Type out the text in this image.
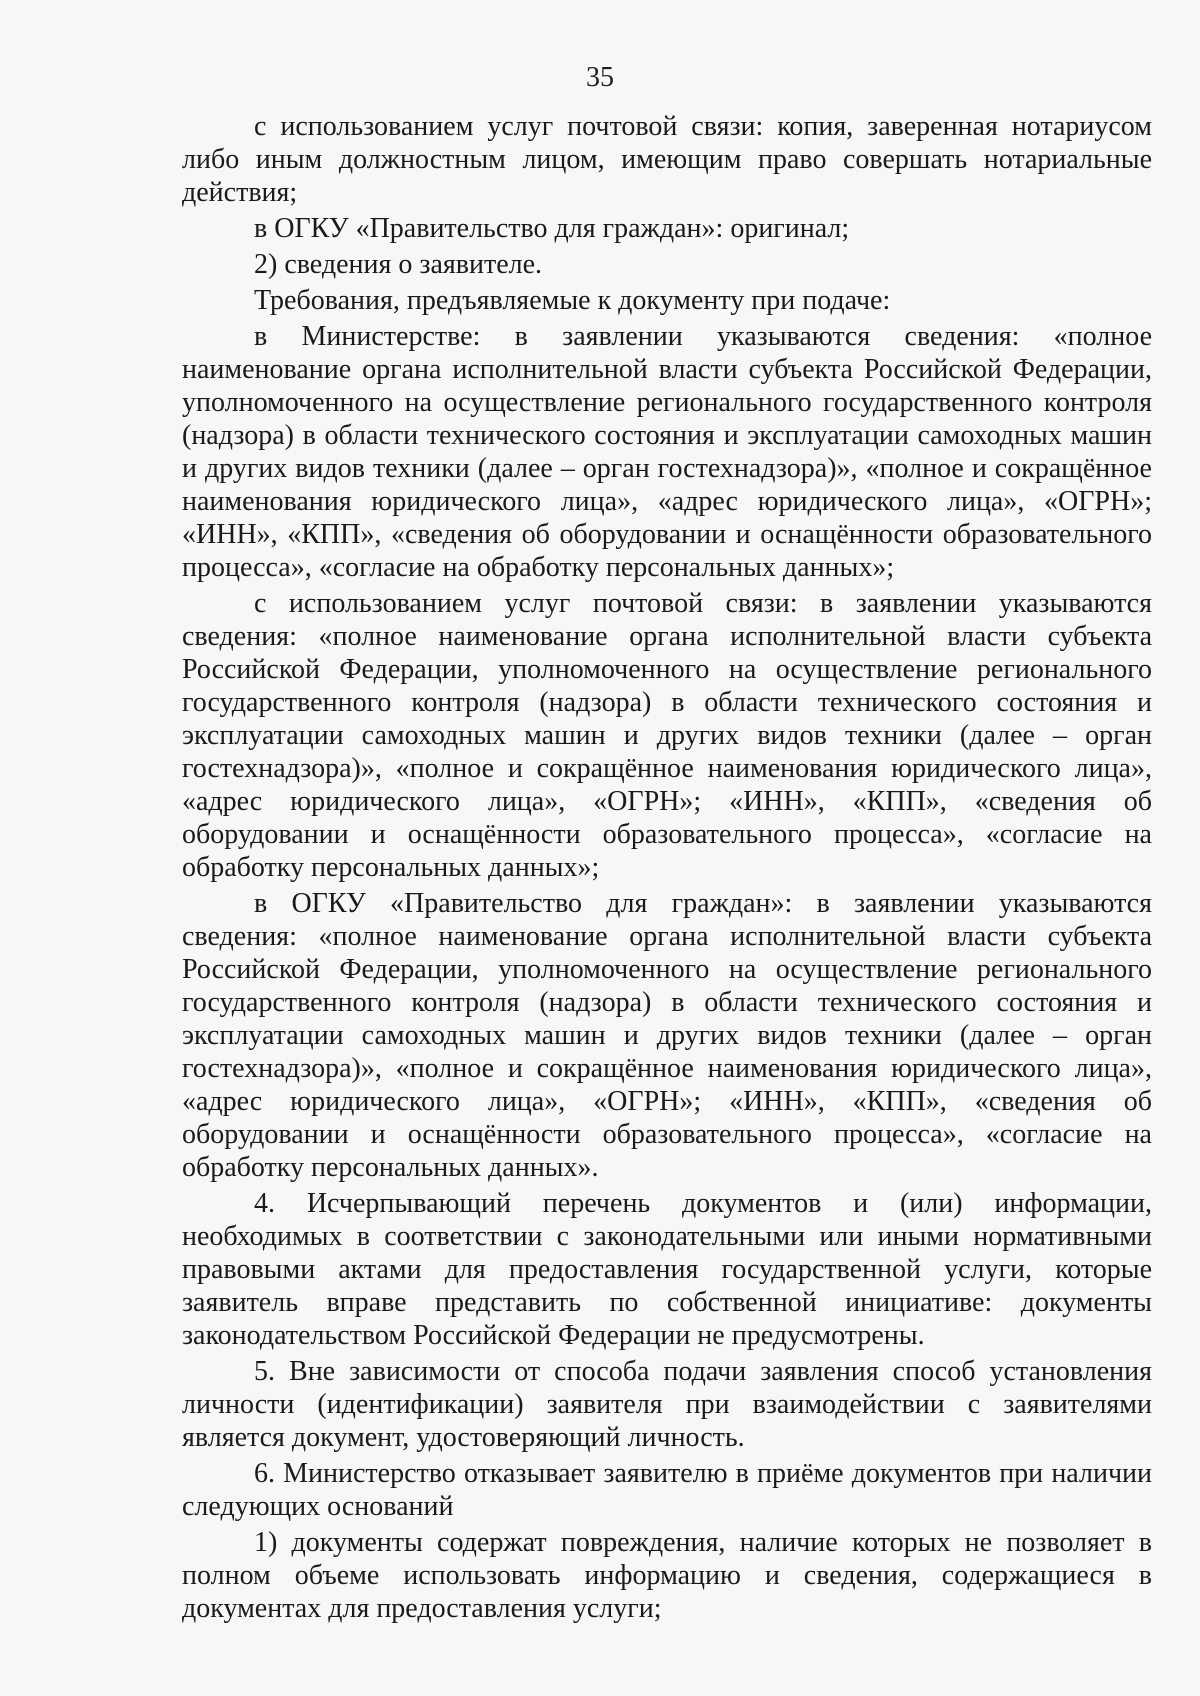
35

с использованием услуг почтовой связи: копия, заверенная нотариусом либо иным должностным лицом, имеющим право совершать нотариальные действия;

в ОГКУ «Правительство для граждан»: оригинал;

2) сведения о заявителе.

Требования, предъявляемые к документу при подаче:

в Министерстве: в заявлении указываются сведения: «полное наименование органа исполнительной власти субъекта Российской Федерации, уполномоченного на осуществление регионального государственного контроля (надзора) в области технического состояния и эксплуатации самоходных машин и других видов техники (далее – орган гостехнадзора)», «полное и сокращённое наименования юридического лица», «адрес юридического лица», «ОГРН»; «ИНН», «КПП», «сведения об оборудовании и оснащённости образовательного процесса», «согласие на обработку персональных данных»;

с использованием услуг почтовой связи: в заявлении указываются сведения: «полное наименование органа исполнительной власти субъекта Российской Федерации, уполномоченного на осуществление регионального государственного контроля (надзора) в области технического состояния и эксплуатации самоходных машин и других видов техники (далее – орган гостехнадзора)», «полное и сокращённое наименования юридического лица», «адрес юридического лица», «ОГРН»; «ИНН», «КПП», «сведения об оборудовании и оснащённости образовательного процесса», «согласие на обработку персональных данных»;

в ОГКУ «Правительство для граждан»: в заявлении указываются сведения: «полное наименование органа исполнительной власти субъекта Российской Федерации, уполномоченного на осуществление регионального государственного контроля (надзора) в области технического состояния и эксплуатации самоходных машин и других видов техники (далее – орган гостехнадзора)», «полное и сокращённое наименования юридического лица», «адрес юридического лица», «ОГРН»; «ИНН», «КПП», «сведения об оборудовании и оснащённости образовательного процесса», «согласие на обработку персональных данных».

4. Исчерпывающий перечень документов и (или) информации, необходимых в соответствии с законодательными или иными нормативными правовыми актами для предоставления государственной услуги, которые заявитель вправе представить по собственной инициативе: документы законодательством Российской Федерации не предусмотрены.

5. Вне зависимости от способа подачи заявления способ установления личности (идентификации) заявителя при взаимодействии с заявителями является документ, удостоверяющий личность.

6. Министерство отказывает заявителю в приёме документов при наличии следующих оснований

1) документы содержат повреждения, наличие которых не позволяет в полном объеме использовать информацию и сведения, содержащиеся в документах для предоставления услуги;
